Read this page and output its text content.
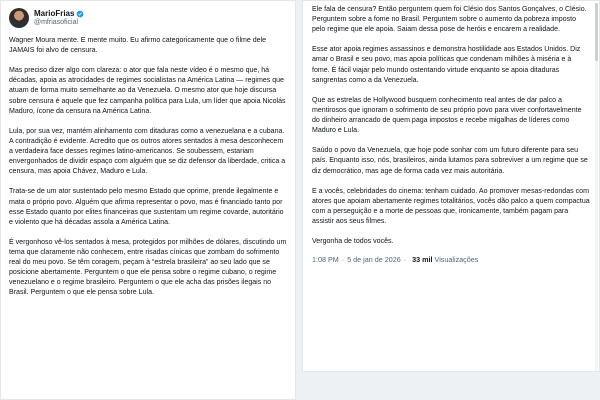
MarioFrias
@mfriasoficial

Wagner Moura mente. E mente muito. Eu afirmo categoricamente que o filme dele JAMAIS foi alvo de censura.

Mas preciso dizer algo com clareza: o ator que fala neste vídeo é o mesmo que, há décadas, apoia as atrocidades de regimes socialistas na América Latina — regimes que atuam de forma muito semelhante ao da Venezuela. O mesmo ator que hoje discursa sobre censura é aquele que fez campanha política para Lula, um líder que apoia Nicolás Maduro, ícone da censura na América Latina.

Lula, por sua vez, mantém alinhamento com ditaduras como a venezuelana e a cubana. A contradição é evidente. Acredito que os outros atores sentados à mesa desconhecem a verdadeira face desses regimes latino-americanos. Se soubessem, estariam envergonhados de divid‍ir espaço com alguém que se diz defensor da liberdade, critica a censura, mas apoia Chávez, Maduro e Lula.

Trata-se de um ator sustentado pelo mesmo Estado que oprime, prende ilegalmente e mata o próprio povo. Alguém que afirma representar o povo, mas é financiado tanto por esse Estado quanto por elites financeiras que sustentam um regime covarde, autoritário e violento que há décadas assola a América Latina.

É vergonhoso vê-los sentados à mesa, protegidos por milhões de dólares, discutindo um tema que claramente não conhecem, entre risadas cínicas que zombam do sofrimento real do meu povo. Se têm coragem, peçam à “estrela brasileira” ao seu lado que se posicione abertamente. Perguntem o que ele pensa sobre o regime cubano, o regime venezuelano e o regime brasileiro. Perguntem o que ele acha das prisões ilegais no Brasil. Perguntem o que ele pensa sobre Lula.

Ele fala de censura? Então perguntem quem foi Clésio dos Santos Gonçalves, o Clésio. Perguntem sobre a fome no Brasil. Perguntem sobre o aumento da pobreza imposto pelo regime que ele apoia. Saiam dessa pose de heróis e encarem a realidade.

Esse ator apoia regimes assassinos e demonstra hostilidade aos Estados Unidos. Diz amar o Brasil e seu povo, mas apoia políticas que condenam milhões à miséria e à fome. É fácil viajar pelo mundo ostentando virtude enquanto se apoia ditaduras sangrentas como a da Venezuela.

Que as estrelas de Hollywood busquem conhecimento real antes de dar palco a mentirosos que ignoram o sofrimento de seu próprio povo para viver confortavelmente do dinheiro arrancado de quem paga impostos e recebe migalhas de líderes como Maduro e Lula.

Saúdo o povo da Venezuela, que hoje pode sonhar com um futuro diferente para seu país. Enquanto isso, nós, brasileiros, ainda lutamos para sobreviver a um regime que se diz democrático, mas age de forma cada vez mais autoritária.

E a vocês, celebridades do cinema: tenham cuidado. Ao promover mesas-redondas com atores que apoiam abertamente regimes totalitários, vocês dão palco a quem compactua com a perseguição e a morte de pessoas que, ironicamente, também pagam para assistir aos seus filmes.

Vergonha de todos vocês.

1:08 PM · 5 de jan de 2026 · 33 mil Visualizações
